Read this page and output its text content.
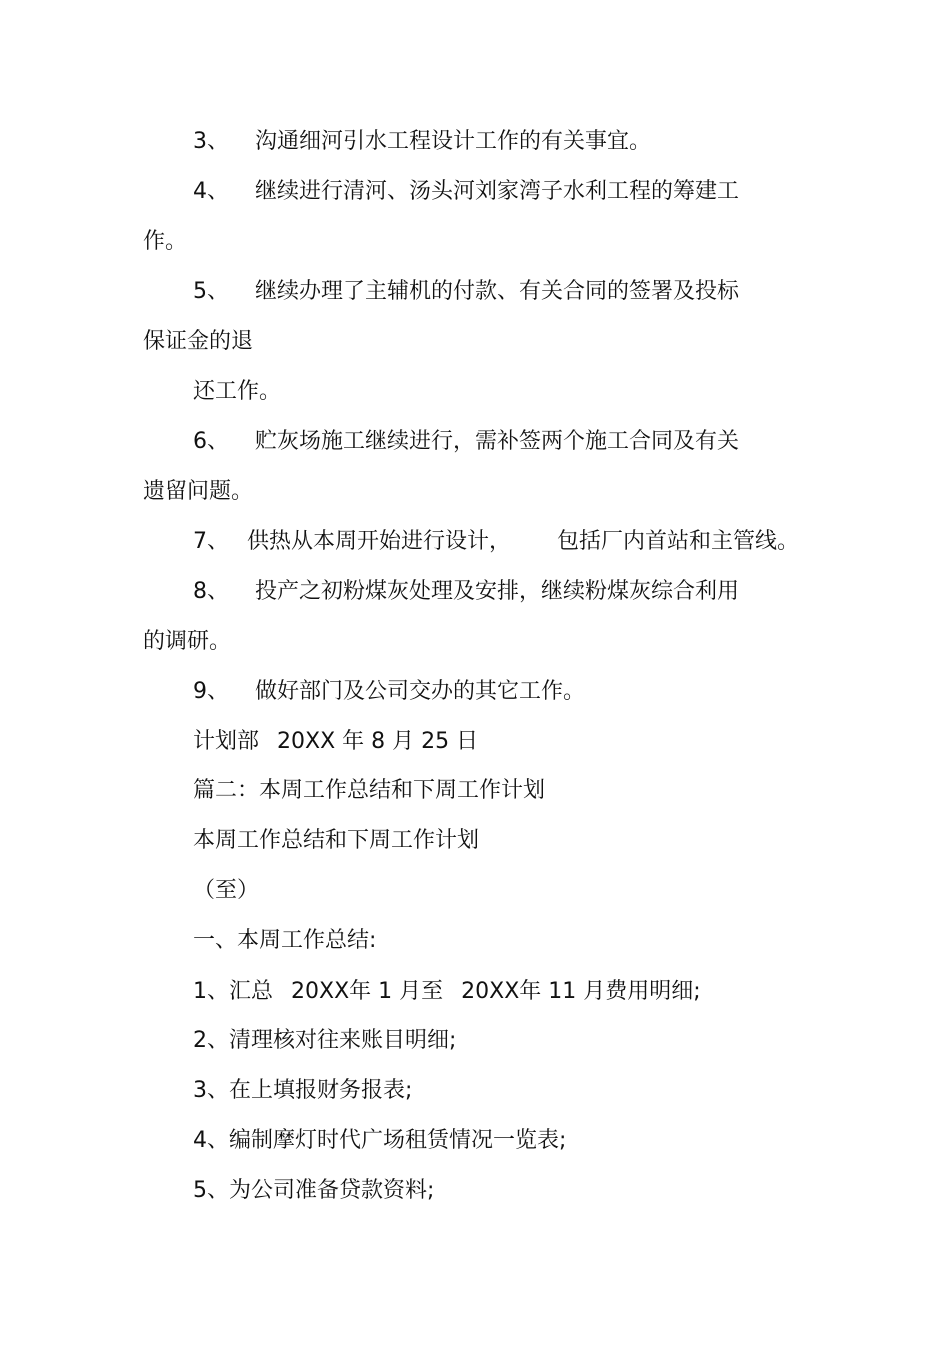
3、 沟通细河引水工程设计工作的有关事宜。
4、 继续进行清河、汤头河刘家湾子水利工程的筹建工
作。
5、 继续办理了主辅机的付款、有关合同的签署及投标
保证金的退
还工作。
6、 贮灰场施工继续进行，需补签两个施工合同及有关
遗留问题。
7、 供热从本周开始进行设计， 包括厂内首站和主管线。
8、 投产之初粉煤灰处理及安排，继续粉煤灰综合利用
的调研。
9、 做好部门及公司交办的其它工作。
计划部 20XX 年 8 月 25 日
篇二：本周工作总结和下周工作计划
本周工作总结和下周工作计划
（至）
一、本周工作总结:
1、汇总 20XX年 1 月至 20XX年 11 月费用明细;
2、清理核对往来账目明细;
3、在上填报财务报表;
4、编制摩灯时代广场租赁情况一览表;
5、为公司准备贷款资料;
